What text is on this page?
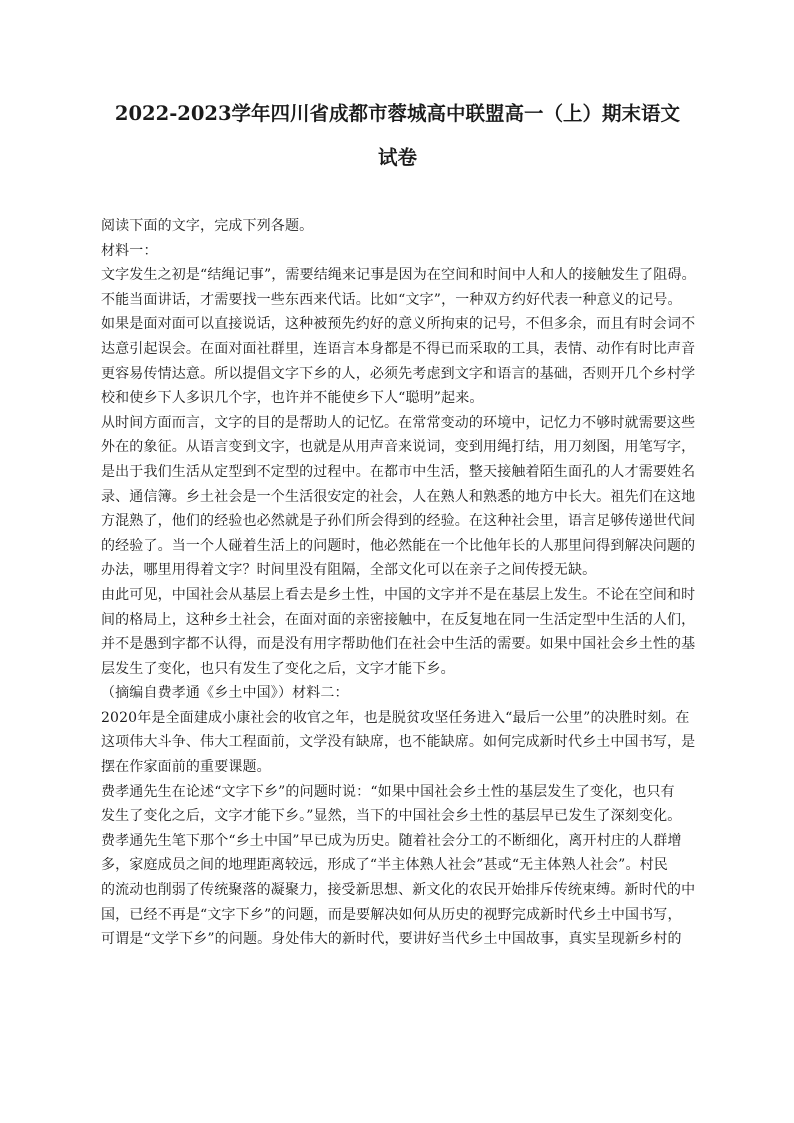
2022-2023学年四川省成都市蓉城高中联盟高一（上）期末语文
试卷
阅读下面的文字，完成下列各题。
材料一：
文字发生之初是“结绳记事”，需要结绳来记事是因为在空间和时间中人和人的接触发生了阻碍。
不能当面讲话，才需要找一些东西来代话。比如“文字”，一种双方约好代表一种意义的记号。
如果是面对面可以直接说话，这种被预先约好的意义所拘束的记号，不但多余，而且有时会词不
达意引起误会。在面对面社群里，连语言本身都是不得已而采取的工具，表情、动作有时比声音
更容易传情达意。所以提倡文字下乡的人，必须先考虑到文字和语言的基础，否则开几个乡村学
校和使乡下人多识几个字，也许并不能使乡下人“聪明”起来。
从时间方面而言，文字的目的是帮助人的记忆。在常常变动的环境中，记忆力不够时就需要这些
外在的象征。从语言变到文字，也就是从用声音来说词，变到用绳打结，用刀刻图，用笔写字，
是出于我们生活从定型到不定型的过程中。在都市中生活，整天接触着陌生面孔的人才需要姓名
录、通信簿。乡土社会是一个生活很安定的社会，人在熟人和熟悉的地方中长大。祖先们在这地
方混熟了，他们的经验也必然就是子孙们所会得到的经验。在这种社会里，语言足够传递世代间
的经验了。当一个人碰着生活上的问题时，他必然能在一个比他年长的人那里问得到解决问题的
办法，哪里用得着文字？时间里没有阻隔，全部文化可以在亲子之间传授无缺。
由此可见，中国社会从基层上看去是乡土性，中国的文字并不是在基层上发生。不论在空间和时
间的格局上，这种乡土社会，在面对面的亲密接触中，在反复地在同一生活定型中生活的人们，
并不是愚到字都不认得，而是没有用字帮助他们在社会中生活的需要。如果中国社会乡土性的基
层发生了变化，也只有发生了变化之后，文字才能下乡。
（摘编自费孝通《乡土中国》）材料二：
2020年是全面建成小康社会的收官之年，也是脱贫攻坚任务进入“最后一公里”的决胜时刻。在
这项伟大斗争、伟大工程面前，文学没有缺席，也不能缺席。如何完成新时代乡土中国书写，是
摆在作家面前的重要课题。
费孝通先生在论述“文字下乡”的问题时说：“如果中国社会乡土性的基层发生了变化，也只有
发生了变化之后，文字才能下乡。”显然，当下的中国社会乡土性的基层早已发生了深刻变化。
费孝通先生笔下那个“乡土中国”早已成为历史。随着社会分工的不断细化，离开村庄的人群增
多，家庭成员之间的地理距离较远，形成了“半主体熟人社会”甚或“无主体熟人社会”。村民
的流动也削弱了传统聚落的凝聚力，接受新思想、新文化的农民开始排斥传统束缚。新时代的中
国，已经不再是“文字下乡”的问题，而是要解决如何从历史的视野完成新时代乡土中国书写，
可谓是“文学下乡”的问题。身处伟大的新时代，要讲好当代乡土中国故事，真实呈现新乡村的
